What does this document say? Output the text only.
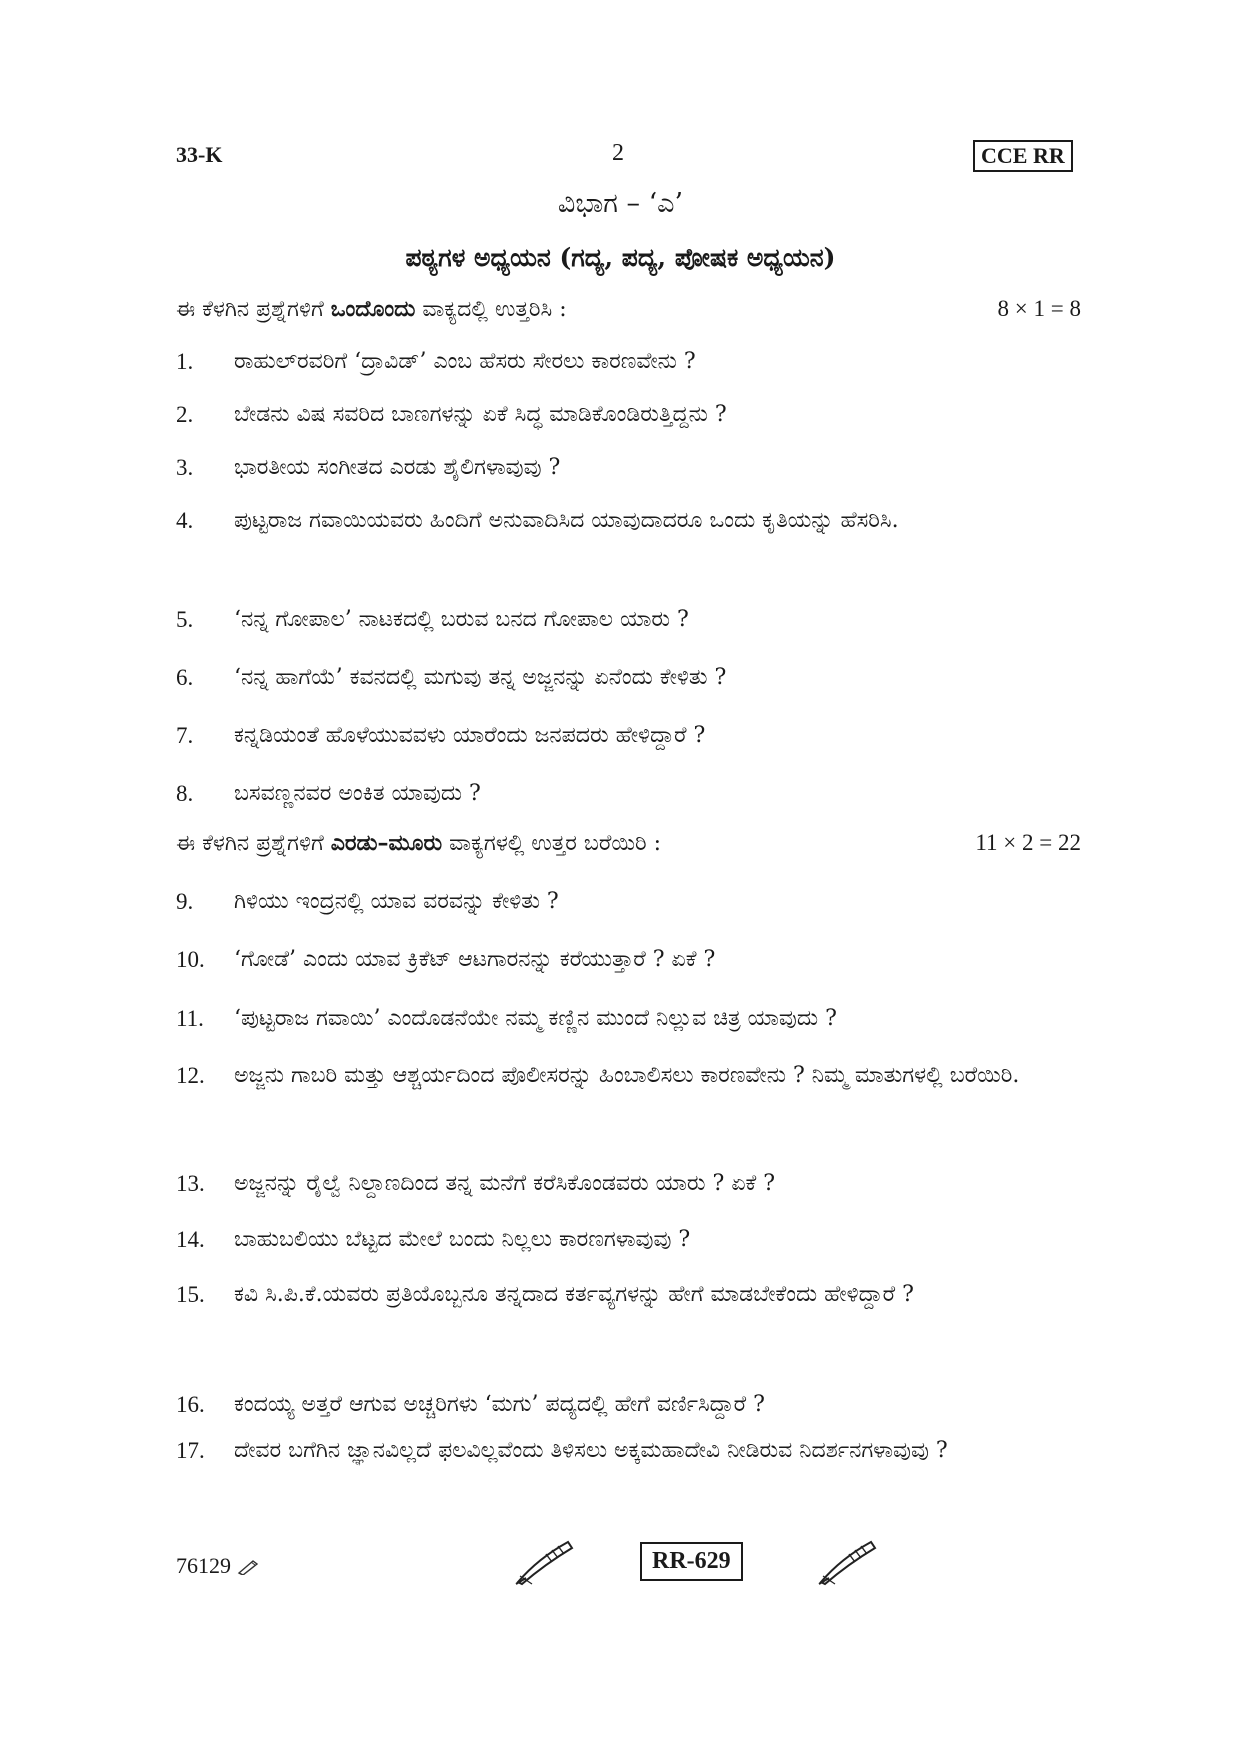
33-K	2	CCE RR
ವಿಭಾಗ – ‘ಎ’
ಪಠ್ಯಗಳ ಅಧ್ಯಯನ (ಗದ್ಯ, ಪದ್ಯ, ಪೋಷಕ ಅಧ್ಯಯನ)
ಈ ಕೆಳಗಿನ ಪ್ರಶ್ನೆಗಳಿಗೆ ಒಂದೊಂದು ವಾಕ್ಯದಲ್ಲಿ ಉತ್ತರಿಸಿ :	8 × 1 = 8
1.	ರಾಹುಲ್‌ರವರಿಗೆ ‘ದ್ರಾವಿಡ್’ ಎಂಬ ಹೆಸರು ಸೇರಲು ಕಾರಣವೇನು ?
2.	ಬೇಡನು ವಿಷ ಸವರಿದ ಬಾಣಗಳನ್ನು ಏಕೆ ಸಿದ್ಧ ಮಾಡಿಕೊಂಡಿರುತ್ತಿದ್ದನು ?
3.	ಭಾರತೀಯ ಸಂಗೀತದ ಎರಡು ಶೈಲಿಗಳಾವುವು ?
4.	ಪುಟ್ಟರಾಜ ಗವಾಯಿಯವರು ಹಿಂದಿಗೆ ಅನುವಾದಿಸಿದ ಯಾವುದಾದರೂ ಒಂದು ಕೃತಿಯನ್ನು ಹೆಸರಿಸಿ.
5.	‘ನನ್ನ ಗೋಪಾಲ’ ನಾಟಕದಲ್ಲಿ ಬರುವ ಬನದ ಗೋಪಾಲ ಯಾರು ?
6.	‘ನನ್ನ ಹಾಗೆಯೆ’ ಕವನದಲ್ಲಿ ಮಗುವು ತನ್ನ ಅಜ್ಜನನ್ನು ಏನೆಂದು ಕೇಳಿತು ?
7.	ಕನ್ನಡಿಯಂತೆ ಹೊಳೆಯುವವಳು ಯಾರೆಂದು ಜನಪದರು ಹೇಳಿದ್ದಾರೆ ?
8.	ಬಸವಣ್ಣನವರ ಅಂಕಿತ ಯಾವುದು ?
ಈ ಕೆಳಗಿನ ಪ್ರಶ್ನೆಗಳಿಗೆ ಎರಡು–ಮೂರು ವಾಕ್ಯಗಳಲ್ಲಿ ಉತ್ತರ ಬರೆಯಿರಿ :	11 × 2 = 22
9.	ಗಿಳಿಯು ಇಂದ್ರನಲ್ಲಿ ಯಾವ ವರವನ್ನು ಕೇಳಿತು ?
10.	‘ಗೋಡೆ’ ಎಂದು ಯಾವ ಕ್ರಿಕೆಟ್ ಆಟಗಾರನನ್ನು ಕರೆಯುತ್ತಾರೆ ? ಏಕೆ ?
11.	‘ಪುಟ್ಟರಾಜ ಗವಾಯಿ’ ಎಂದೊಡನೆಯೇ ನಮ್ಮ ಕಣ್ಣಿನ ಮುಂದೆ ನಿಲ್ಲುವ ಚಿತ್ರ ಯಾವುದು ?
12.	ಅಜ್ಜನು ಗಾಬರಿ ಮತ್ತು ಆಶ್ಚರ್ಯದಿಂದ ಪೊಲೀಸರನ್ನು ಹಿಂಬಾಲಿಸಲು ಕಾರಣವೇನು ? ನಿಮ್ಮ ಮಾತುಗಳಲ್ಲಿ ಬರೆಯಿರಿ.
13.	ಅಜ್ಜನನ್ನು ರೈಲ್ವೆ ನಿಲ್ದಾಣದಿಂದ ತನ್ನ ಮನೆಗೆ ಕರೆಸಿಕೊಂಡವರು ಯಾರು ? ಏಕೆ ?
14.	ಬಾಹುಬಲಿಯು ಬೆಟ್ಟದ ಮೇಲೆ ಬಂದು ನಿಲ್ಲಲು ಕಾರಣಗಳಾವುವು ?
15.	ಕವಿ ಸಿ.ಪಿ.ಕೆ.ಯವರು ಪ್ರತಿಯೊಬ್ಬನೂ ತನ್ನದಾದ ಕರ್ತವ್ಯಗಳನ್ನು ಹೇಗೆ ಮಾಡಬೇಕೆಂದು ಹೇಳಿದ್ದಾರೆ ?
16.	ಕಂದಯ್ಯ ಅತ್ತರೆ ಆಗುವ ಅಚ್ಚರಿಗಳು ‘ಮಗು’ ಪದ್ಯದಲ್ಲಿ ಹೇಗೆ ವರ್ಣಿಸಿದ್ದಾರೆ ?
17.	ದೇವರ ಬಗೆಗಿನ ಜ್ಞಾನವಿಲ್ಲದೆ ಫಲವಿಲ್ಲವೆಂದು ತಿಳಿಸಲು ಅಕ್ಕಮಹಾದೇವಿ ನೀಡಿರುವ ನಿದರ್ಶನಗಳಾವುವು ?
76129	RR-629
